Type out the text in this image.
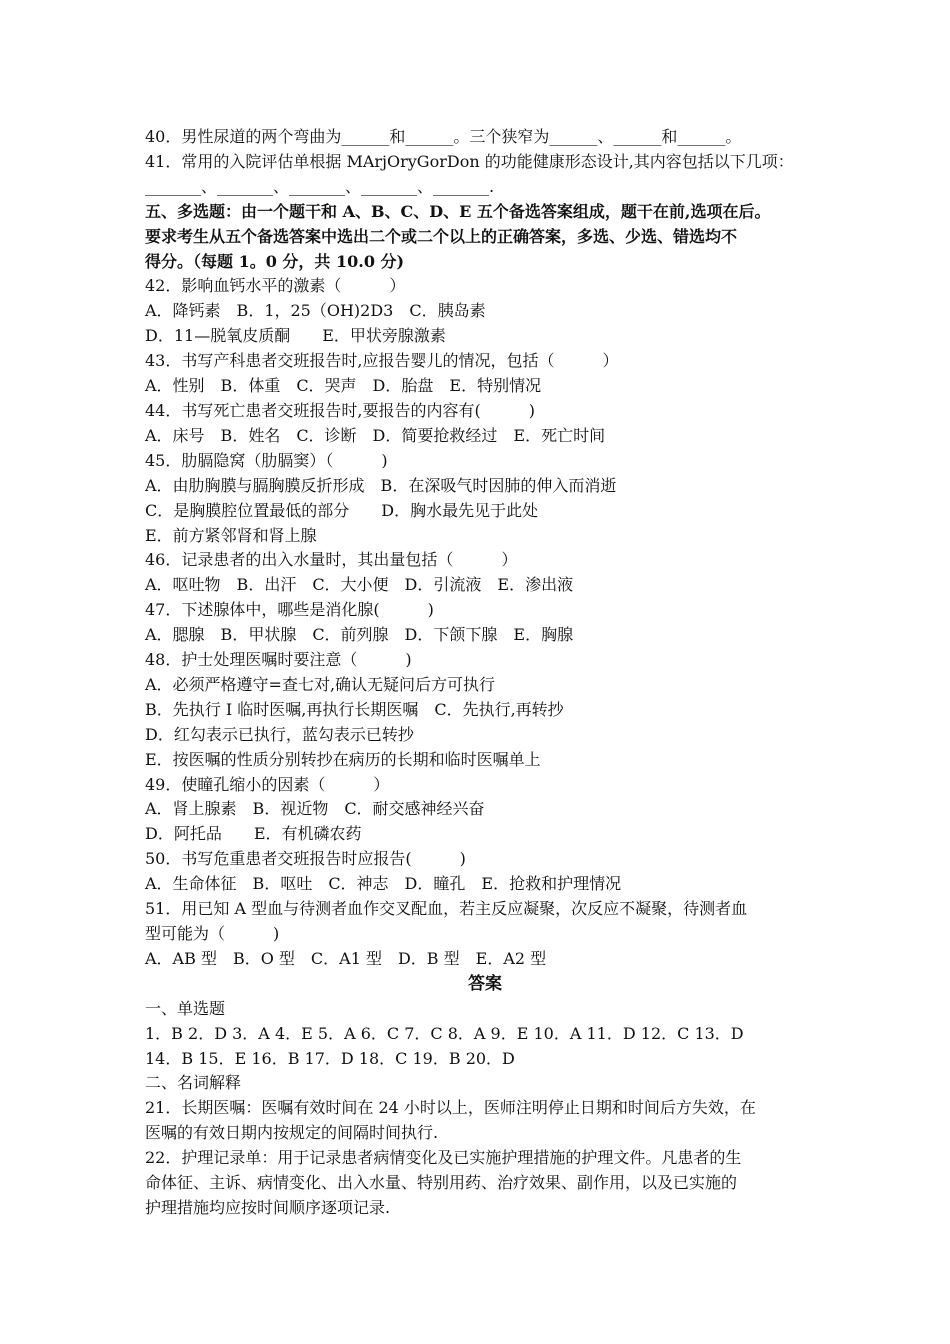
40．男性尿道的两个弯曲为______和______。三个狭窄为______、______和______。
41．常用的入院评估单根据 MArjOryGorDon 的功能健康形态设计,其内容包括以下几项：
_______、_______、_______、_______、_______.
五、多选题：由一个题干和 A、B、C、D、E 五个备选答案组成，题干在前,选项在后。
要求考生从五个备选答案中选出二个或二个以上的正确答案，多选、少选、错选均不
得分。（每题 1。0 分，共 10.0 分)
42．影响血钙水平的激素（　　　）
A．降钙素　B．1，25（OH)2D3　C．胰岛素
D．11—脱氧皮质酮　　E．甲状旁腺激素
43．书写产科患者交班报告时,应报告婴儿的情况，包括（　　　）
A．性别　B．体重　C．哭声　D．胎盘　E．特别情况
44．书写死亡患者交班报告时,要报告的内容有(　　　)
A．床号　B．姓名　C．诊断　D．简要抢救经过　E．死亡时间
45．肋膈隐窝（肋膈窦）（　　　)
A．由肋胸膜与膈胸膜反折形成　B．在深吸气时因肺的伸入而消逝
C．是胸膜腔位置最低的部分　　D．胸水最先见于此处
E．前方紧邻肾和肾上腺
46．记录患者的出入水量时，其出量包括（　　　）
A．呕吐物　B．出汗　C．大小便　D．引流液　E．渗出液
47．下述腺体中，哪些是消化腺(　　　)
A．腮腺　B．甲状腺　C．前列腺　D．下颌下腺　E．胸腺
48．护士处理医嘱时要注意（　　　)
A．必须严格遵守=查七对,确认无疑问后方可执行
B．先执行 I 临时医嘱,再执行长期医嘱　C．先执行,再转抄
D．红勾表示已执行，蓝勾表示已转抄
E．按医嘱的性质分别转抄在病历的长期和临时医嘱单上
49．使瞳孔缩小的因素（　　　）
A．肾上腺素　B．视近物　C．耐交感神经兴奋
D．阿托品　　E．有机磷农药
50．书写危重患者交班报告时应报告(　　　)
A．生命体征　B．呕吐　C．神志　D．瞳孔　E．抢救和护理情况
51．用已知 A 型血与待测者血作交叉配血，若主反应凝聚，次反应不凝聚，待测者血
型可能为（　　　)
A．AB 型　B．O 型　C．A1 型　D．B 型　E．A2 型
答案
一、单选题
1．B 2．D 3．A 4．E 5．A 6．C 7．C 8．A 9．E 10．A 11．D 12．C 13．D
14．B 15．E 16．B 17．D 18．C 19．B 20．D
二、名词解释
21．长期医嘱：医嘱有效时间在 24 小时以上，医师注明停止日期和时间后方失效，在
医嘱的有效日期内按规定的间隔时间执行.
22．护理记录单：用于记录患者病情变化及已实施护理措施的护理文件。凡患者的生
命体征、主诉、病情变化、出入水量、特别用药、治疗效果、副作用，以及已实施的
护理措施均应按时间顺序逐项记录.
